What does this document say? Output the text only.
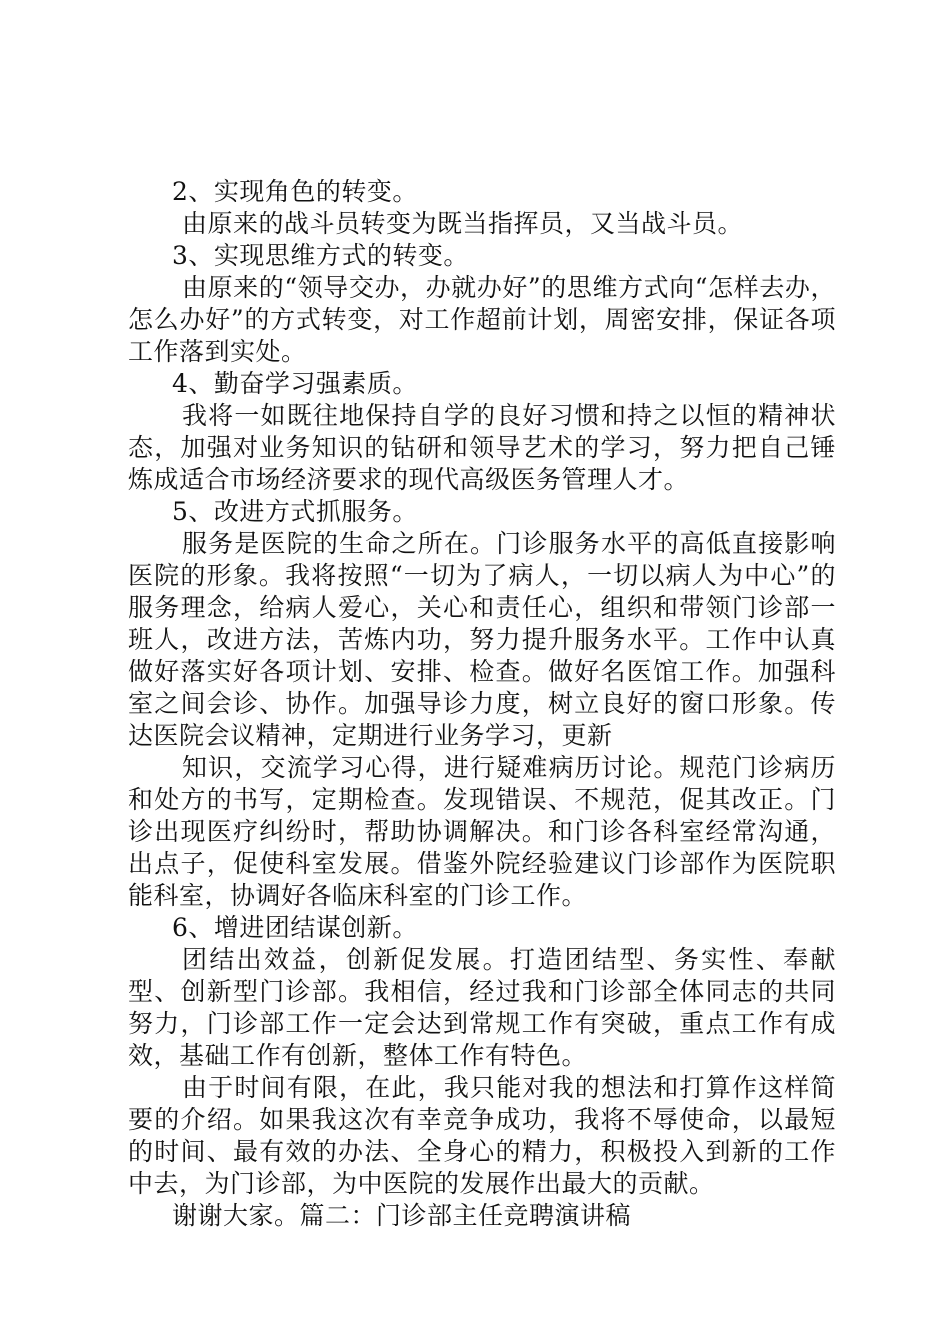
2、实现角色的转变。

由原来的战斗员转变为既当指挥员，又当战斗员。

3、实现思维方式的转变。

由原来的“领导交办，办就办好”的思维方式向“怎样去办，怎么办好”的方式转变，对工作超前计划，周密安排，保证各项工作落到实处。

4、勤奋学习强素质。

我将一如既往地保持自学的良好习惯和持之以恒的精神状态，加强对业务知识的钻研和领导艺术的学习，努力把自己锤炼成适合市场经济要求的现代高级医务管理人才。

5、改进方式抓服务。

服务是医院的生命之所在。门诊服务水平的高低直接影响医院的形象。我将按照“一切为了病人，一切以病人为中心”的服务理念，给病人爱心，关心和责任心，组织和带领门诊部一班人，改进方法，苦炼内功，努力提升服务水平。工作中认真做好落实好各项计划、安排、检查。做好名医馆工作。加强科室之间会诊、协作。加强导诊力度，树立良好的窗口形象。传达医院会议精神，定期进行业务学习，更新

知识，交流学习心得，进行疑难病历讨论。规范门诊病历和处方的书写，定期检查。发现错误、不规范，促其改正。门诊出现医疗纠纷时，帮助协调解决。和门诊各科室经常沟通，出点子，促使科室发展。借鉴外院经验建议门诊部作为医院职能科室，协调好各临床科室的门诊工作。

6、增进团结谋创新。

团结出效益，创新促发展。打造团结型、务实性、奉献型、创新型门诊部。我相信，经过我和门诊部全体同志的共同努力，门诊部工作一定会达到常规工作有突破，重点工作有成效，基础工作有创新，整体工作有特色。

由于时间有限，在此，我只能对我的想法和打算作这样简要的介绍。如果我这次有幸竞争成功，我将不辱使命，以最短的时间、最有效的办法、全身心的精力，积极投入到新的工作中去，为门诊部，为中医院的发展作出最大的贡献。

谢谢大家。篇二：门诊部主任竞聘演讲稿
